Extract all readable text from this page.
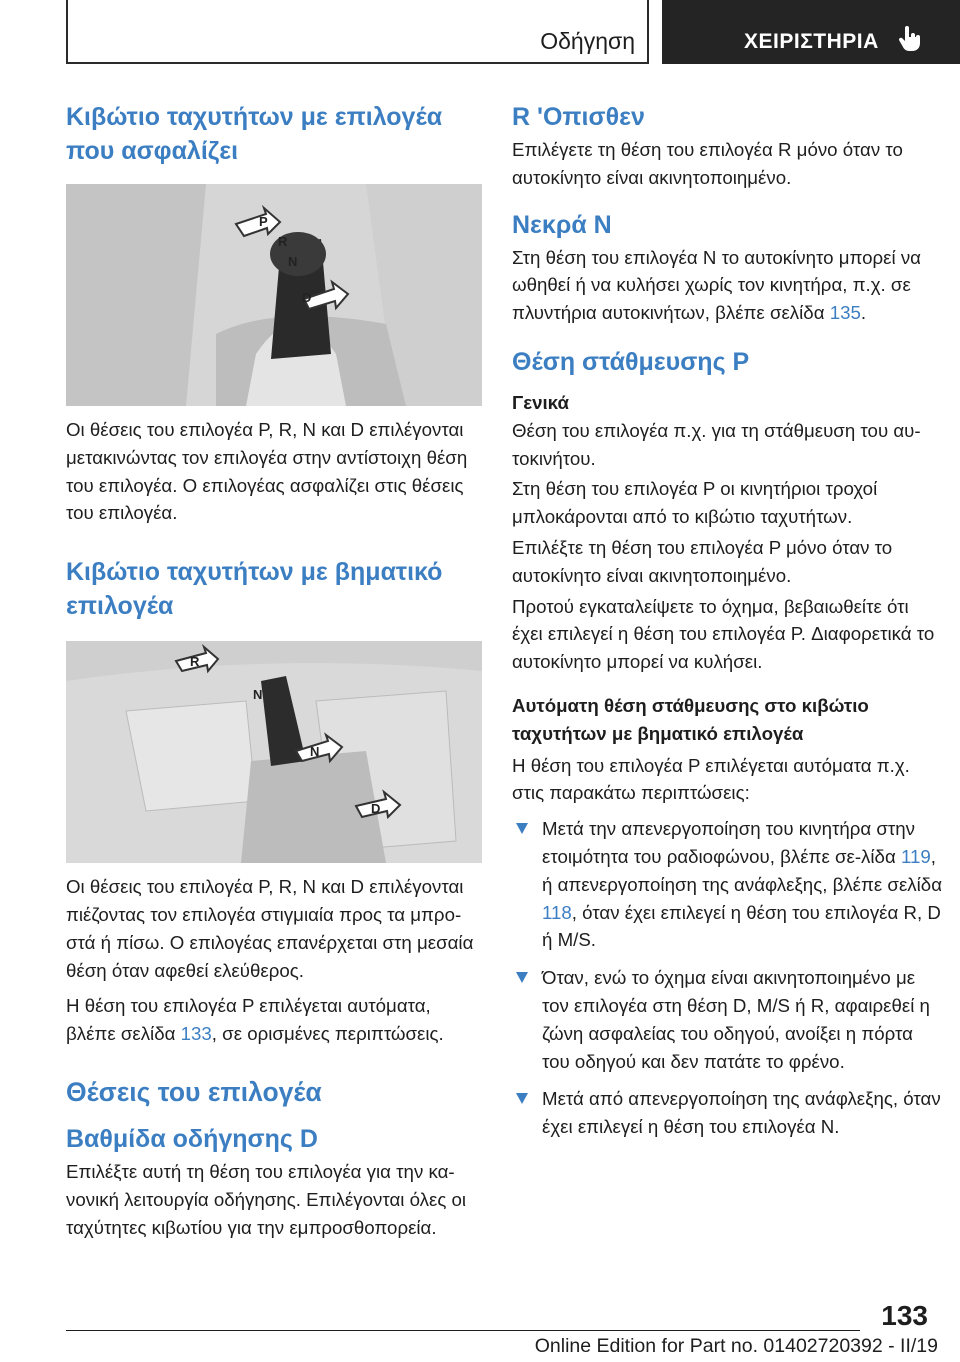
Οδήγηση	ΧΕΙΡΙΣΤΗΡΙΑ
Κιβώτιο ταχυτήτων με επιλογέα που ασφαλίζει
P
R
N
D

Οι θέσεις του επιλογέα P, R, N και D επιλέγονται μετακινώντας τον επιλογέα στην αντίστοιχη θέση του επιλογέα. Ο επιλογέας ασφαλίζει στις θέσεις του επιλογέα.

Κιβώτιο ταχυτήτων με βηματικό επιλογέα
R
N
N
D

Οι θέσεις του επιλογέα P, R, N και D επιλέγονται πιέζοντας τον επιλογέα στιγμιαία προς τα μπρο-στά ή πίσω. Ο επιλογέας επανέρχεται στη μεσαία θέση όταν αφεθεί ελεύθερος.

Η θέση του επιλογέα P επιλέγεται αυτόματα, βλέπε σελίδα 133, σε ορισμένες περιπτώσεις.

Θέσεις του επιλογέα
Βαθμίδα οδήγησης D

Επιλέξτε αυτή τη θέση του επιλογέα για την κα-νονική λειτουργία οδήγησης. Επιλέγονται όλες οι ταχύτητες κιβωτίου για την εμπροσθοπορεία.

R 'Οπισθεν

Επιλέγετε τη θέση του επιλογέα R μόνο όταν το αυτοκίνητο είναι ακινητοποιημένο.

Νεκρά N

Στη θέση του επιλογέα N το αυτοκίνητο μπορεί να ωθηθεί ή να κυλήσει χωρίς τον κινητήρα, π.χ. σε πλυντήρια αυτοκινήτων, βλέπε σελίδα 135.

Θέση στάθμευσης P

Γενικά

Θέση του επιλογέα π.χ. για τη στάθμευση του αυ-τοκινήτου.

Στη θέση του επιλογέα P οι κινητήριοι τροχοί μπλοκάρονται από το κιβώτιο ταχυτήτων.

Επιλέξτε τη θέση του επιλογέα P μόνο όταν το αυτοκίνητο είναι ακινητοποιημένο.

Προτού εγκαταλείψετε το όχημα, βεβαιωθείτε ότι έχει επιλεγεί η θέση του επιλογέα P. Διαφορετικά το αυτοκίνητο μπορεί να κυλήσει.

Αυτόματη θέση στάθμευσης στο κιβώτιο ταχυτήτων με βηματικό επιλογέα

Η θέση του επιλογέα P επιλέγεται αυτόματα π.χ. στις παρακάτω περιπτώσεις:

Μετά την απενεργοποίηση του κινητήρα στην ετοιμότητα του ραδιοφώνου, βλέπε σε-λίδα 119, ή απενεργοποίηση της ανάφλεξης, βλέπε σελίδα 118, όταν έχει επιλεγεί η θέση του επιλογέα R, D ή M/S.
Όταν, ενώ το όχημα είναι ακινητοποιημένο με τον επιλογέα στη θέση D, M/S ή R, αφαιρεθεί η ζώνη ασφαλείας του οδηγού, ανοίξει η πόρτα του οδηγού και δεν πατάτε το φρένο.
Μετά από απενεργοποίηση της ανάφλεξης, όταν έχει επιλεγεί η θέση του επιλογέα N.
133
Online Edition for Part no. 01402720392 - II/19
